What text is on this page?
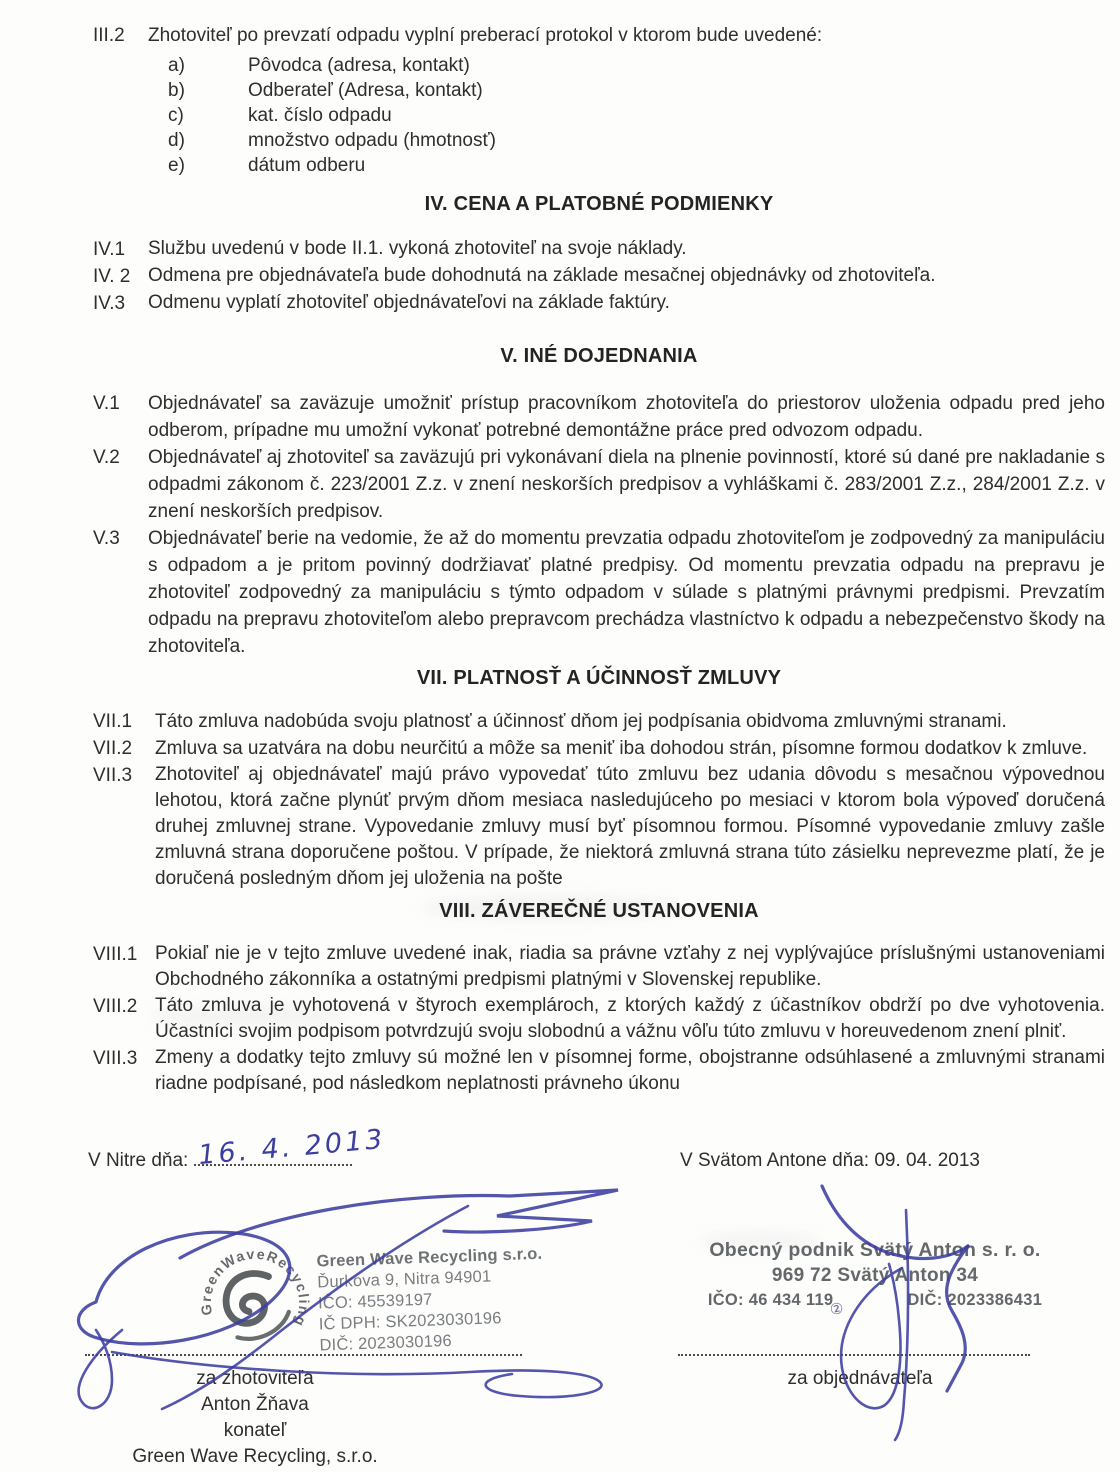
III.2	Zhotoviteľ po prevzatí odpadu vyplní preberací protokol v ktorom bude uvedené:
a)	Pôvodca (adresa, kontakt)
b)	Odberateľ (Adresa, kontakt)
c)	kat. číslo odpadu
d)	množstvo odpadu (hmotnosť)
e)	dátum odberu
IV. CENA A PLATOBNÉ PODMIENKY
IV.1	Službu uvedenú v bode II.1. vykoná zhotoviteľ na svoje náklady.
IV. 2 Odmena pre objednávateľa bude dohodnutá na základe mesačnej objednávky od zhotoviteľa.
IV.3	Odmenu vyplatí zhotoviteľ objednávateľovi na základe faktúry.
V. INÉ DOJEDNANIA
V.1	Objednávateľ sa zaväzuje umožniť prístup pracovníkom zhotoviteľa do priestorov uloženia odpadu pred jeho odberom, prípadne mu umožní vykonať potrebné demontážne práce pred odvozom odpadu.
V.2	Objednávateľ aj zhotoviteľ sa zaväzujú pri vykonávaní diela na plnenie povinností, ktoré sú dané pre nakladanie s odpadmi zákonom č. 223/2001 Z.z. v znení neskorších predpisov a vyhláškami č. 283/2001 Z.z., 284/2001 Z.z. v znení neskorších predpisov.
V.3	Objednávateľ berie na vedomie, že až do momentu prevzatia odpadu zhotoviteľom je zodpovedný za manipuláciu s odpadom a je pritom povinný dodržiavať platné predpisy. Od momentu prevzatia odpadu na prepravu je zhotoviteľ zodpovedný za manipuláciu s týmto odpadom v súlade s platnými právnymi predpismi. Prevzatím odpadu na prepravu zhotoviteľom alebo prepravcom prechádza vlastníctvo k odpadu a nebezpečenstvo škody na zhotoviteľa.
VII. PLATNOSŤ A ÚČINNOSŤ ZMLUVY
VII.1	Táto zmluva nadobúda svoju platnosť a účinnosť dňom jej podpísania obidvoma zmluvnými stranami.
VII.2	Zmluva sa uzatvára na dobu neurčitú a môže sa meniť iba dohodou strán, písomne formou dodatkov k zmluve.
VII.3	Zhotoviteľ aj objednávateľ majú právo vypovedať túto zmluvu bez udania dôvodu s mesačnou výpovednou lehotou, ktorá začne plynúť prvým dňom mesiaca nasledujúceho po mesiaci v ktorom bola výpoveď doručená druhej zmluvnej strane. Vypovedanie zmluvy musí byť písomnou formou. Písomné vypovedanie zmluvy zašle zmluvná strana doporučene poštou. V prípade, že niektorá zmluvná strana túto zásielku neprevezme platí, že je doručená posledným dňom jej uloženia na pošte
VIII. ZÁVEREČNÉ USTANOVENIA
VIII.1 Pokiaľ nie je v tejto zmluve uvedené inak, riadia sa právne vzťahy z nej vyplývajúce príslušnými ustanoveniami Obchodného zákonníka a ostatnými predpismi platnými v Slovenskej republike.
VIII.2 Táto zmluva je vyhotovená v štyroch exemplároch, z ktorých každý z účastníkov obdrží po dve vyhotovenia. Účastníci svojim podpisom potvrdzujú svoju slobodnú a vážnu vôľu túto zmluvu v horeuvedenom znení plniť.
VIII.3 Zmeny a dodatky tejto zmluvy sú možné len v písomnej forme, obojstranne odsúhlasené a zmluvnými stranami riadne podpísané, pod následkom neplatnosti právneho úkonu
V Nitre dňa: 16. 4. 2013	V Svätom Antone dňa: 09. 04. 2013
GreenWaveRecycling
Green Wave Recycling s.r.o.
Ďurkova 9, Nitra 94901
IČO: 45539197
IČ DPH: SK2023030196
DIČ: 2023030196
Obecný podnik Svätý Anton s. r. o.
969 72 Svätý Anton 34
IČO: 46 434 119	DIČ: 2023386431
②
za zhotoviteľa
Anton Žňava
konateľ
Green Wave Recycling, s.r.o.
za objednávateľa
